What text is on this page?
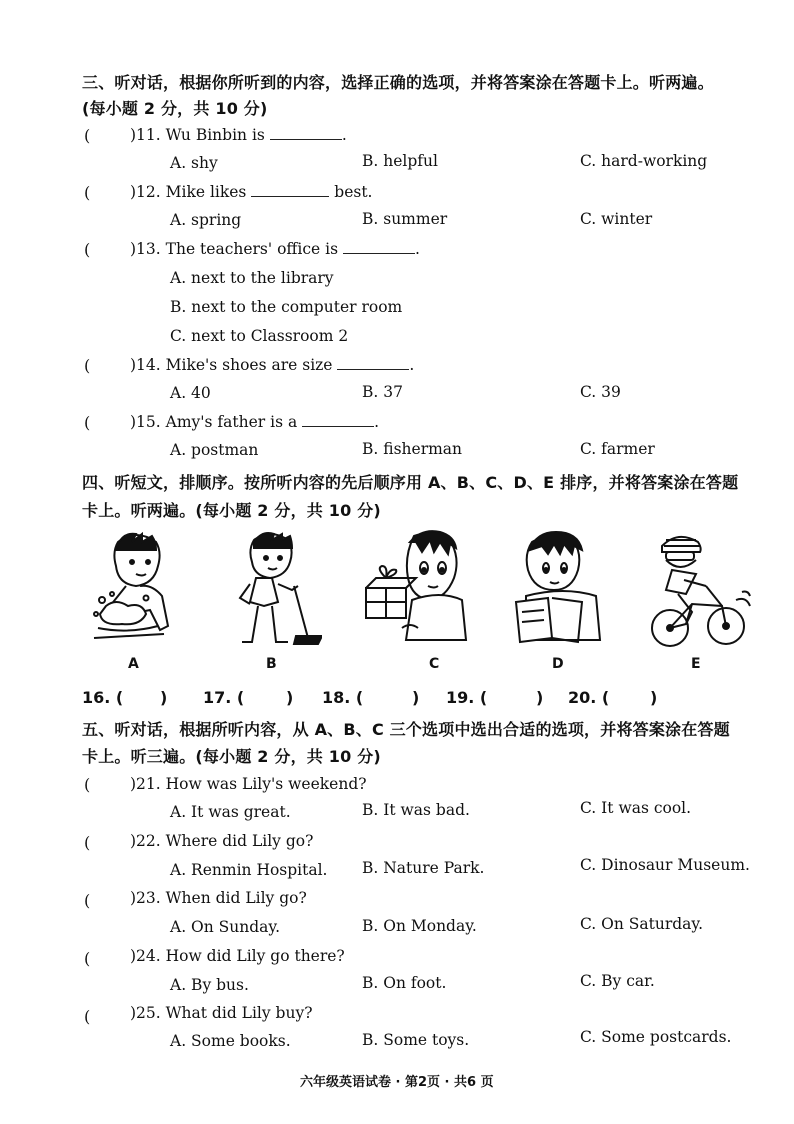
三、听对话，根据你所听到的内容，选择正确的选项，并将答案涂在答题卡上。听两遍。
(每小题 2 分，共 10 分)
(	)11. Wu Binbin is	.
A. shy	B. helpful	C. hard-working
(	)12. Mike likes	best.
A. spring	B. summer	C. winter
(	)13. The teachers' office is	.
A. next to the library
B. next to the computer room
C. next to Classroom 2
(	)14. Mike's shoes are size	.
A. 40	B. 37	C. 39
(	)15. Amy's father is a	.
A. postman	B. fisherman	C. farmer
四、听短文，排顺序。按所听内容的先后顺序用 A、B、C、D、E 排序，并将答案涂在答题
卡上。听两遍。(每小题 2 分，共 10 分)
A	B	C	D	E
16. ( ) 17. (	) 18. (	) 19. (	) 20. (	)
五、听对话，根据所听内容，从 A、B、C 三个选项中选出合适的选项，并将答案涂在答题
卡上。听三遍。(每小题 2 分，共 10 分)
(	)21. How was Lily's weekend?
A. It was great.	B. It was bad.	C. It was cool.
(	)22. Where did Lily go?
A. Renmin Hospital. B. Nature Park.	C. Dinosaur Museum.
(	)23. When did Lily go?
A. On Sunday.	B. On Monday.	C. On Saturday.
(	)24. How did Lily go there?
A. By bus.	B. On foot.	C. By car.
(	)25. What did Lily buy?
A. Some books.	B. Some toys.	C. Some postcards.
六年级英语试卷 · 第2页 · 共6 页
